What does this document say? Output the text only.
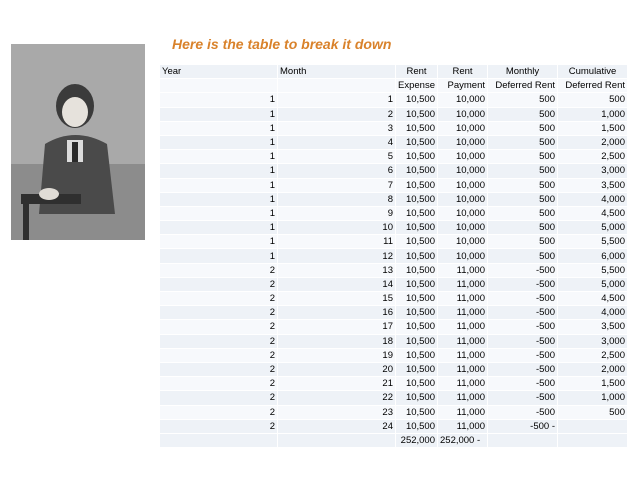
Here is the table to break it down
Year	Month	Rent	Rent	Monthly	Cumulative
		Expense	Payment	Deferred Rent	Deferred Rent
1	1	10,500	10,000	500	500
1	2	10,500	10,000	500	1,000
1	3	10,500	10,000	500	1,500
1	4	10,500	10,000	500	2,000
1	5	10,500	10,000	500	2,500
1	6	10,500	10,000	500	3,000
1	7	10,500	10,000	500	3,500
1	8	10,500	10,000	500	4,000
1	9	10,500	10,000	500	4,500
1	10	10,500	10,000	500	5,000
1	11	10,500	10,000	500	5,500
1	12	10,500	10,000	500	6,000
2	13	10,500	11,000	-500	5,500
2	14	10,500	11,000	-500	5,000
2	15	10,500	11,000	-500	4,500
2	16	10,500	11,000	-500	4,000
2	17	10,500	11,000	-500	3,500
2	18	10,500	11,000	-500	3,000
2	19	10,500	11,000	-500	2,500
2	20	10,500	11,000	-500	2,000
2	21	10,500	11,000	-500	1,500
2	22	10,500	11,000	-500	1,000
2	23	10,500	11,000	-500	500
2	24	10,500	11,000	-500 -	
		252,000	252,000 -		
